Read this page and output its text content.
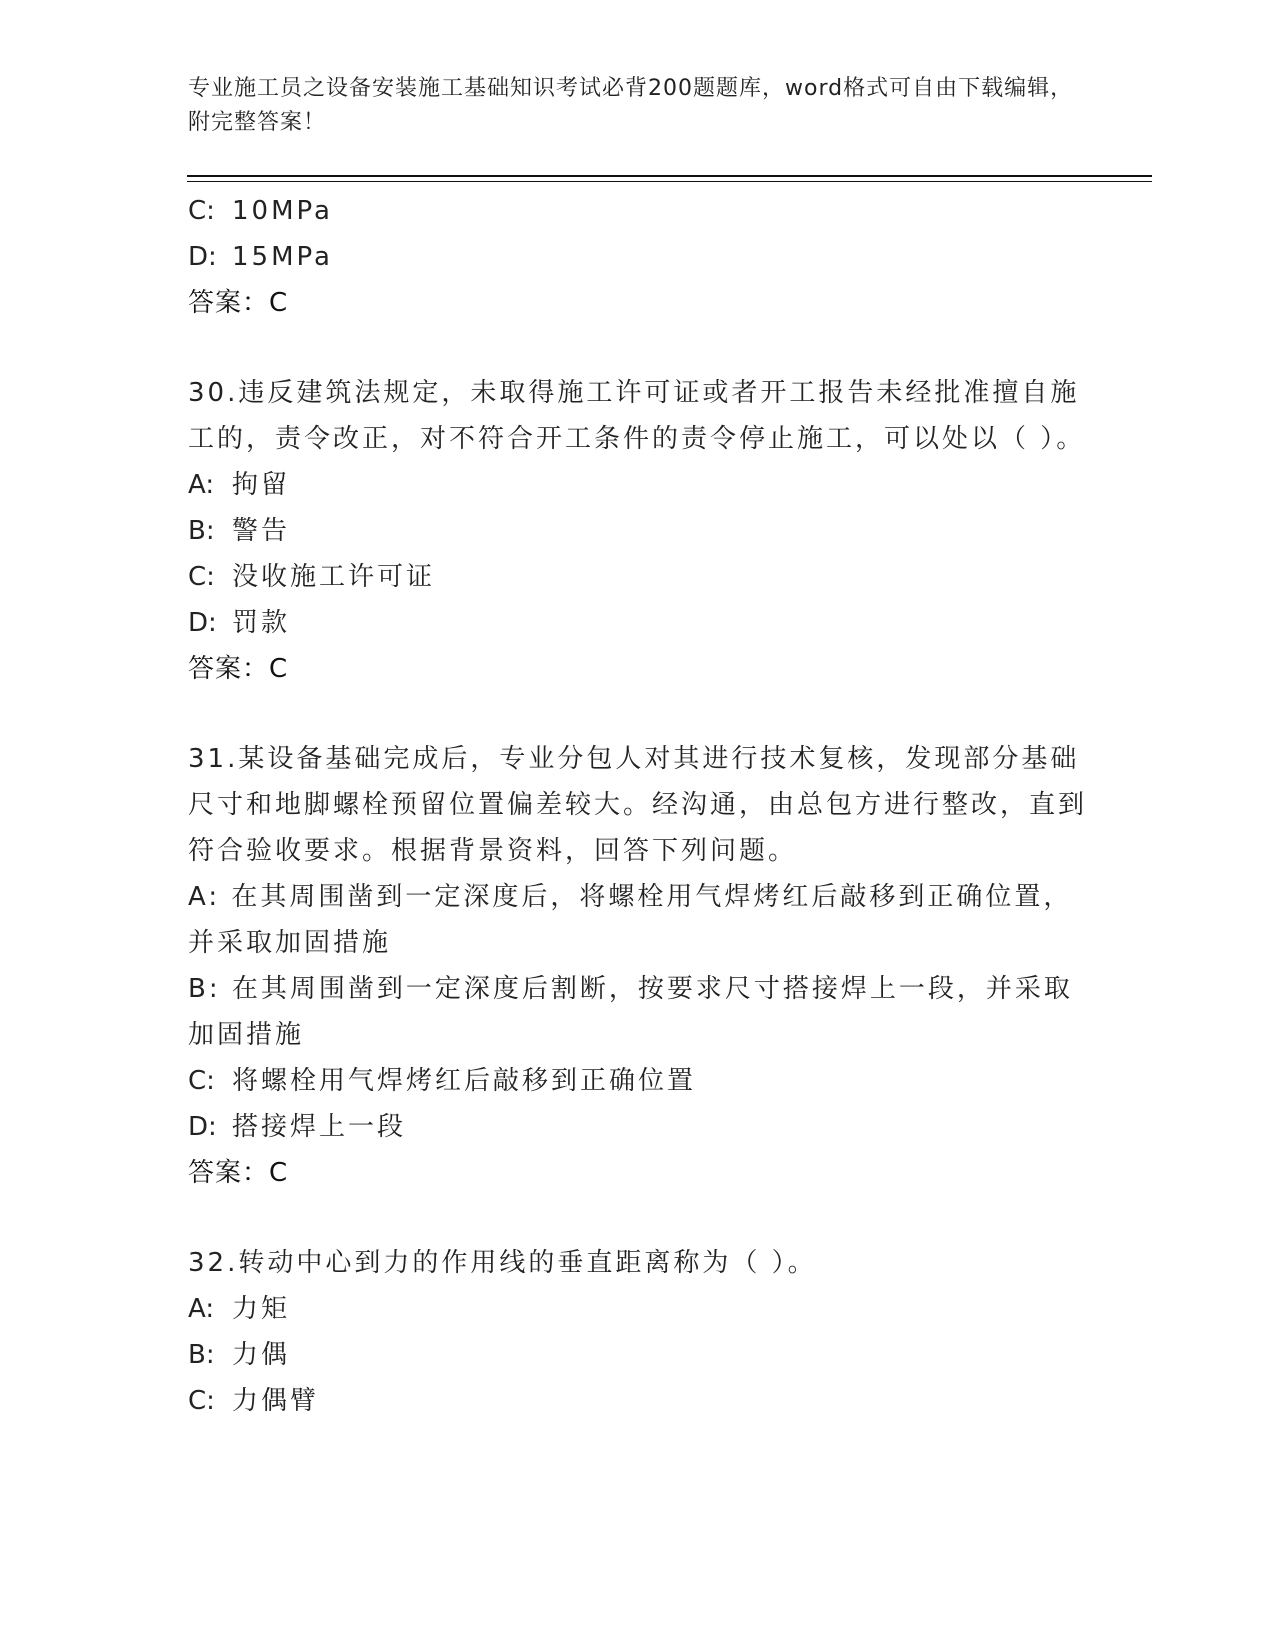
专业施工员之设备安装施工基础知识考试必背200题题库，word格式可自由下载编辑，附完整答案！
C: 10MPa
D: 15MPa
答案：C
30.违反建筑法规定，未取得施工许可证或者开工报告未经批准擅自施工的，责令改正，对不符合开工条件的责令停止施工，可以处以（ ）。
A: 拘留
B: 警告
C: 没收施工许可证
D: 罚款
答案：C
31.某设备基础完成后，专业分包人对其进行技术复核，发现部分基础尺寸和地脚螺栓预留位置偏差较大。经沟通，由总包方进行整改，直到符合验收要求。根据背景资料，回答下列问题。
A: 在其周围凿到一定深度后，将螺栓用气焊烤红后敲移到正确位置，并采取加固措施
B: 在其周围凿到一定深度后割断，按要求尺寸搭接焊上一段，并采取加固措施
C: 将螺栓用气焊烤红后敲移到正确位置
D: 搭接焊上一段
答案：C
32.转动中心到力的作用线的垂直距离称为（ ）。
A: 力矩
B: 力偶
C: 力偶臂
